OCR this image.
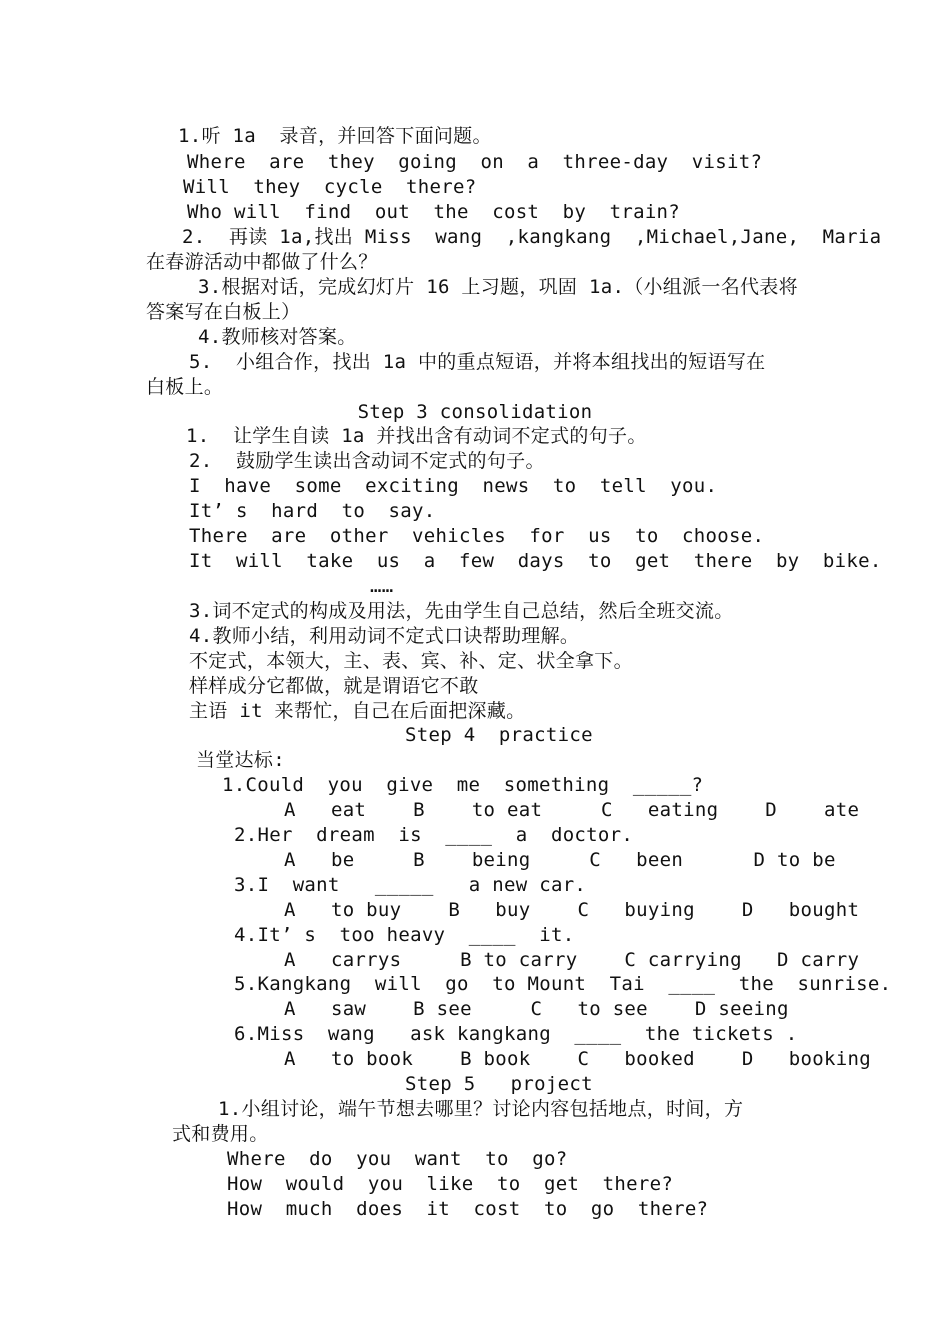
1.听 1a  录音，并回答下面问题。
Where  are  they  going  on  a  three-day  visit?
Will  they  cycle  there?
Who will  find  out  the  cost  by  train?
2.  再读 1a,找出 Miss  wang  ,kangkang  ,Michael,Jane,  Maria
在春游活动中都做了什么？
3.根据对话，完成幻灯片 16 上习题，巩固 1a.（小组派一名代表将
答案写在白板上）
4.教师核对答案。
5.  小组合作，找出 1a 中的重点短语，并将本组找出的短语写在
白板上。
Step 3 consolidation
1.  让学生自读 1a 并找出含有动词不定式的句子。
2.  鼓励学生读出含动词不定式的句子。
I  have  some  exciting  news  to  tell  you.
It’ s  hard  to  say.
There  are  other  vehicles  for  us  to  choose.
It  will  take  us  a  few  days  to  get  there  by  bike.
……
3.词不定式的构成及用法，先由学生自己总结，然后全班交流。
4.教师小结，利用动词不定式口诀帮助理解。
不定式，本领大，主、表、宾、补、定、状全拿下。
样样成分它都做，就是谓语它不敢
主语 it 来帮忙，自己在后面把深藏。
Step 4  practice
当堂达标:
1.Could  you  give  me  something  _____?
A   eat    B    to eat     C   eating    D    ate
2.Her  dream  is  ____  a  doctor.
A   be     B    being     C   been      D to be
3.I  want   _____   a new car.
A   to buy    B   buy    C   buying    D   bought
4.It’ s  too heavy  ____  it.
A   carrys     B to carry    C carrying   D carry
5.Kangkang  will  go  to Mount  Tai  ____  the  sunrise.
A   saw    B see     C   to see    D seeing
6.Miss  wang   ask kangkang  ____  the tickets .
A   to book    B book    C   booked    D   booking
Step 5   project
1.小组讨论，端午节想去哪里？讨论内容包括地点，时间，方
式和费用。
Where  do  you  want  to  go?
How  would  you  like  to  get  there?
How  much  does  it  cost  to  go  there?
